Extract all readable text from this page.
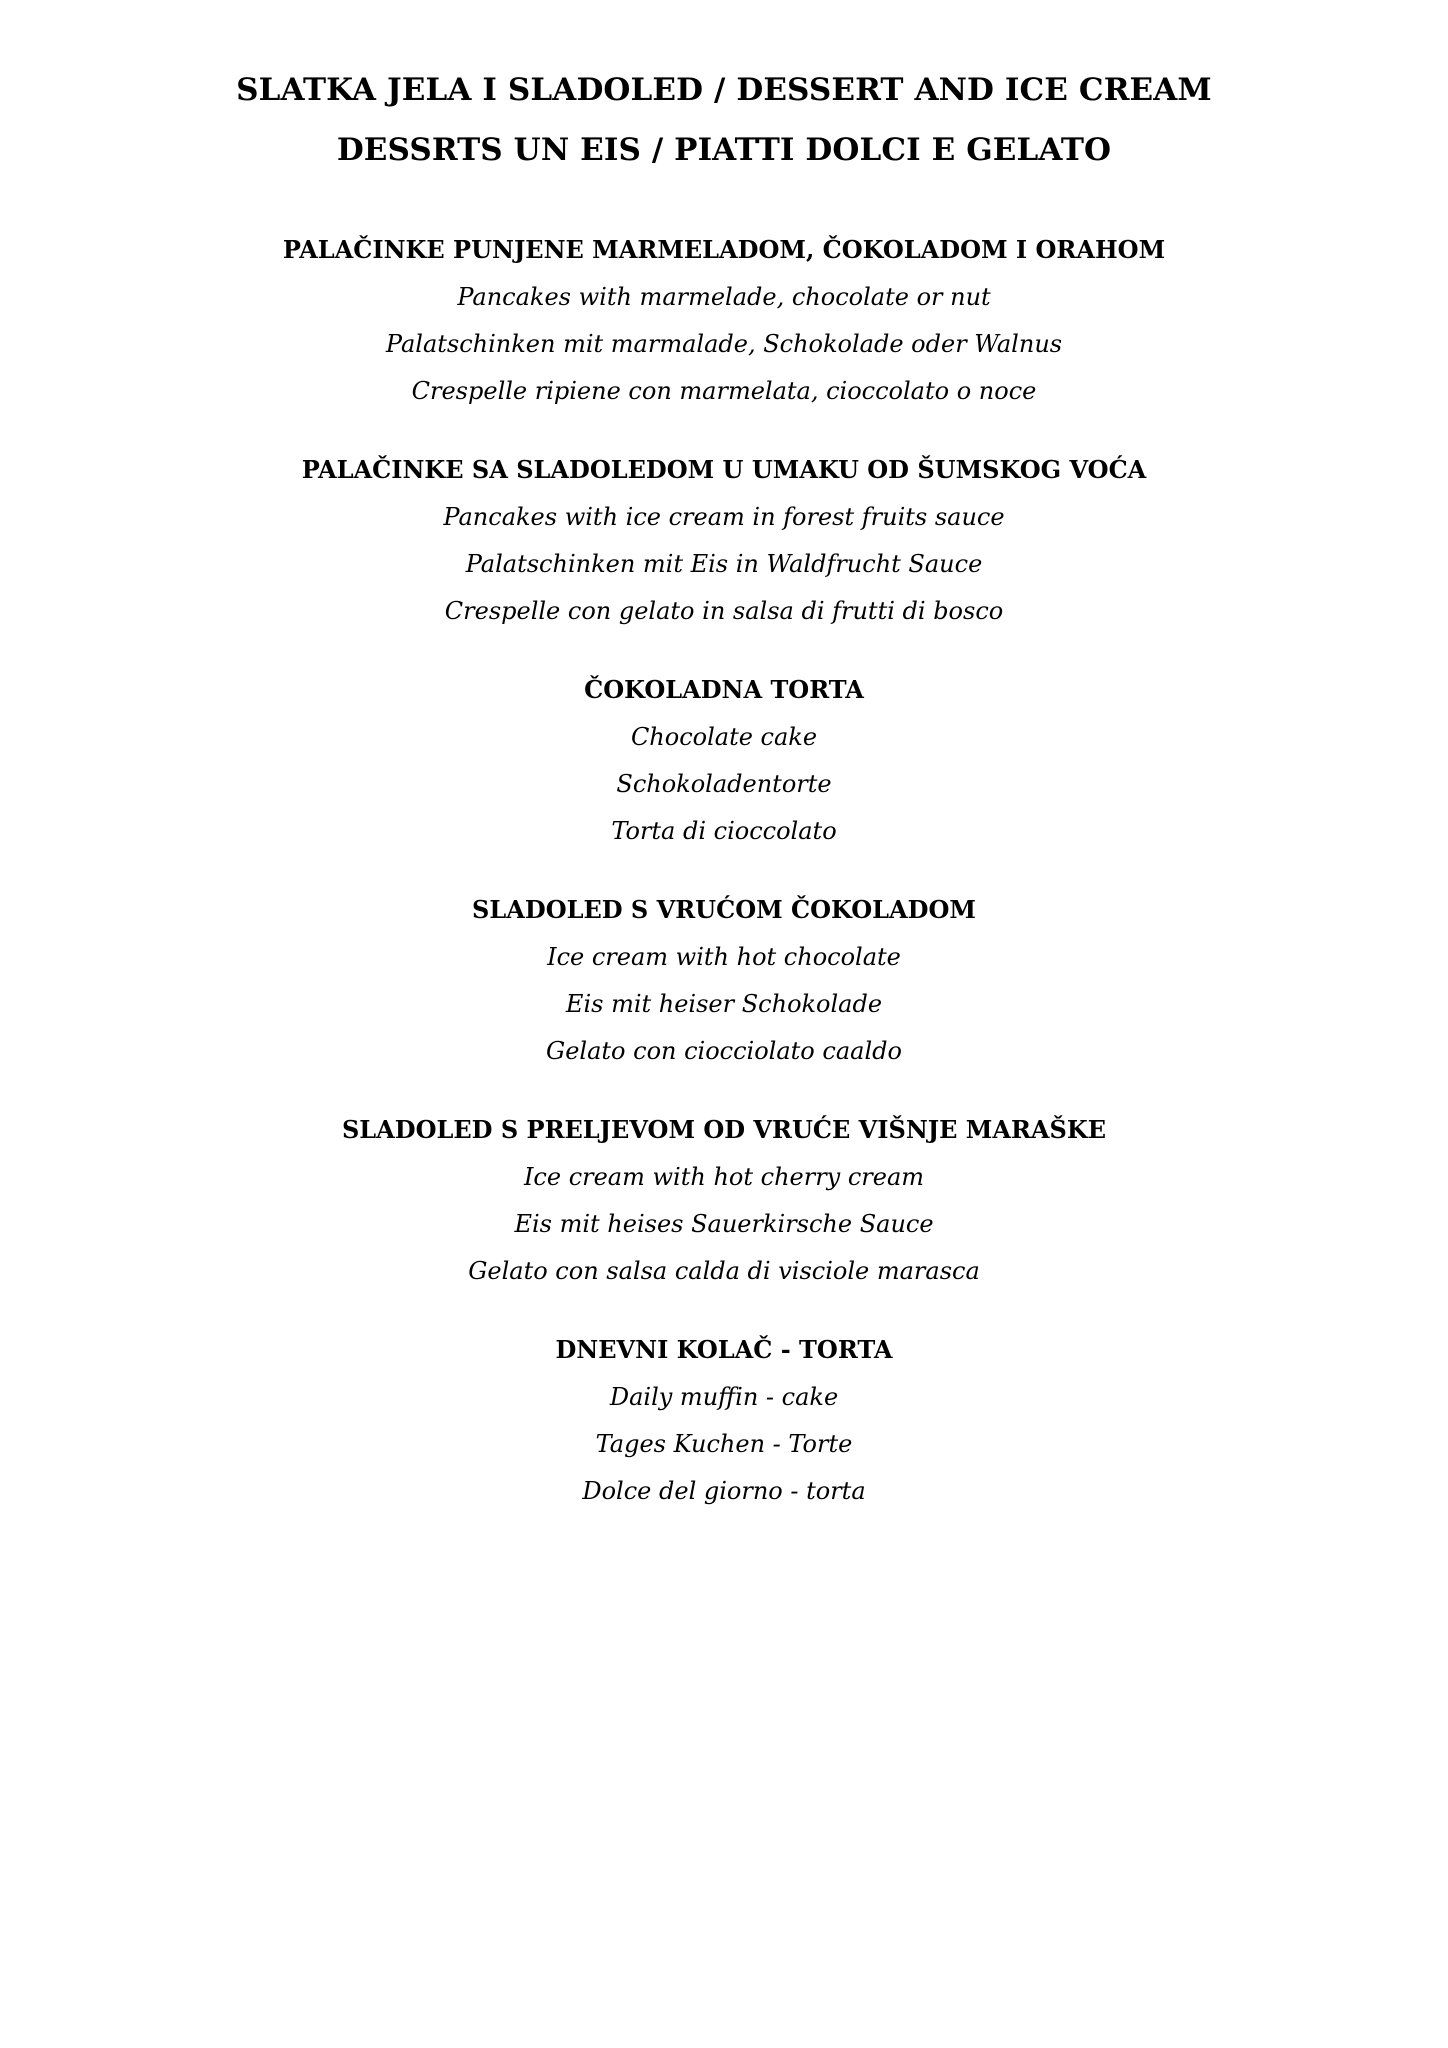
SLATKA JELA I SLADOLED / DESSERT AND ICE CREAM
DESSRTS UN EIS / PIATTI DOLCI E GELATO
PALAČINKE PUNJENE MARMELADOM, ČOKOLADOM I ORAHOM
Pancakes with marmelade, chocolate or nut
Palatschinken mit marmalade, Schokolade oder Walnus
Crespelle ripiene con marmelata, cioccolato o noce
PALAČINKE SA SLADOLEDOM U UMAKU OD ŠUMSKOG VOĆA
Pancakes with ice cream in forest fruits sauce
Palatschinken mit Eis in Waldfrucht Sauce
Crespelle con gelato in salsa di frutti di bosco
ČOKOLADNA TORTA
Chocolate cake
Schokoladentorte
Torta di cioccolato
SLADOLED S VRUĆOM ČOKOLADOM
Ice cream with hot chocolate
Eis mit heiser Schokolade
Gelato con ciocciolato caaldo
SLADOLED S PRELJEVOM OD VRUĆE VIŠNJE MARAŠKE
Ice cream with hot cherry cream
Eis mit heises Sauerkirsche Sauce
Gelato con salsa calda di visciole marasca
DNEVNI KOLAČ - TORTA
Daily muffin - cake
Tages Kuchen - Torte
Dolce del giorno - torta
